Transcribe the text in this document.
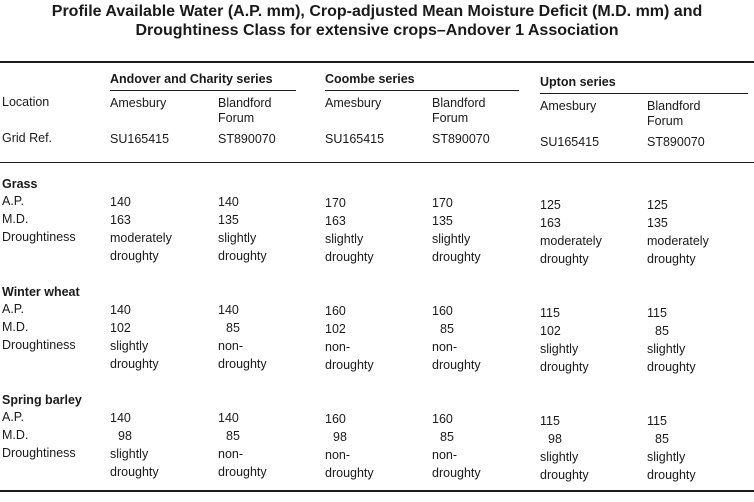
Profile Available Water (A.P. mm), Crop-adjusted Mean Moisture Deficit (M.D. mm) and
Droughtiness Class for extensive crops–Andover 1 Association
Location
Grid Ref.
Andover and Charity series
Amesbury
SU165415
Blandford
Forum
ST890070
Coombe series
Amesbury
SU165415
Blandford
Forum
ST890070
Upton series
Amesbury
SU165415
Blandford
Forum
ST890070
Grass
A.P.
M.D.
Droughtiness
140
163
moderately
droughty
140
135
slightly
droughty
170
163
slightly
droughty
170
135
slightly
droughty
125
163
moderately
droughty
125
135
moderately
droughty
Winter wheat
A.P.
M.D.
Droughtiness
140
102
slightly
droughty
140
85
non-
droughty
160
102
non-
droughty
160
85
non-
droughty
115
102
slightly
droughty
115
85
slightly
droughty
Spring barley
A.P.
M.D.
Droughtiness
140
98
slightly
droughty
140
85
non-
droughty
160
98
non-
droughty
160
85
non-
droughty
115
98
slightly
droughty
115
85
slightly
droughty
